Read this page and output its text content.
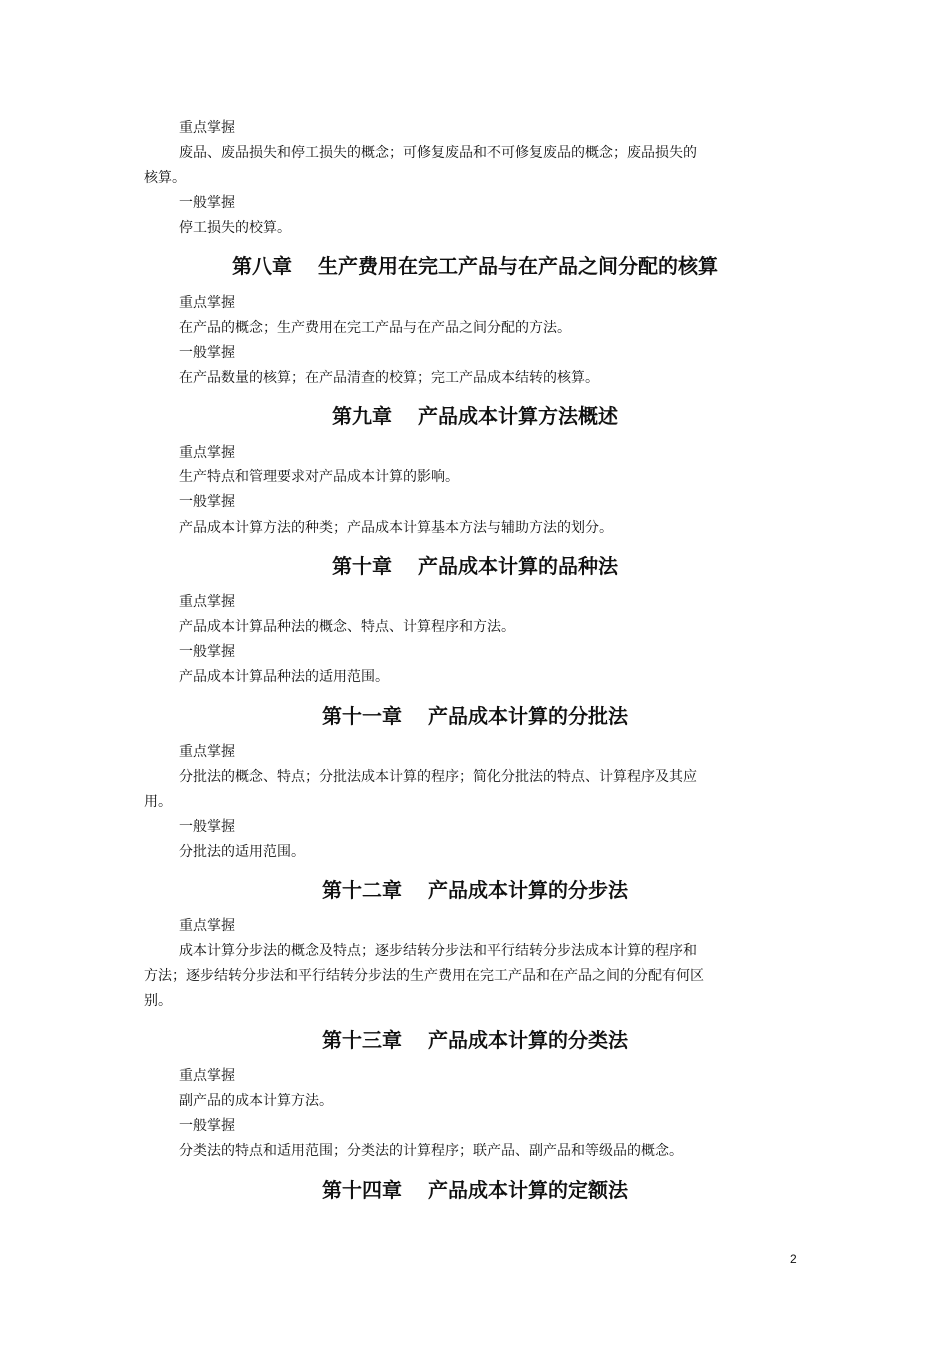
重点掌握

废品、废品损失和停工损失的概念；可修复废品和不可修复废品的概念；废品损失的

核算。

一般掌握

停工损失的校算。

第八章 生产费用在完工产品与在产品之间分配的核算

重点掌握

在产品的概念；生产费用在完工产品与在产品之间分配的方法。

一般掌握

在产品数量的核算；在产品清查的校算；完工产品成本结转的核算。

第九章 产品成本计算方法概述

重点掌握

生产特点和管理要求对产品成本计算的影响。

一般掌握

产品成本计算方法的种类；产品成本计算基本方法与辅助方法的划分。

第十章 产品成本计算的品种法

重点掌握

产品成本计算品种法的概念、特点、计算程序和方法。

一般掌握

产品成本计算品种法的适用范围。

第十一章 产品成本计算的分批法

重点掌握

分批法的概念、特点；分批法成本计算的程序；简化分批法的特点、计算程序及其应

用。

一般掌握

分批法的适用范围。

第十二章 产品成本计算的分步法

重点掌握

成本计算分步法的概念及特点；逐步结转分步法和平行结转分步法成本计算的程序和

方法；逐步结转分步法和平行结转分步法的生产费用在完工产品和在产品之间的分配有何区

别。

第十三章 产品成本计算的分类法

重点掌握

副产品的成本计算方法。

一般掌握

分类法的特点和适用范围；分类法的计算程序；联产品、副产品和等级品的概念。

第十四章 产品成本计算的定额法
2
